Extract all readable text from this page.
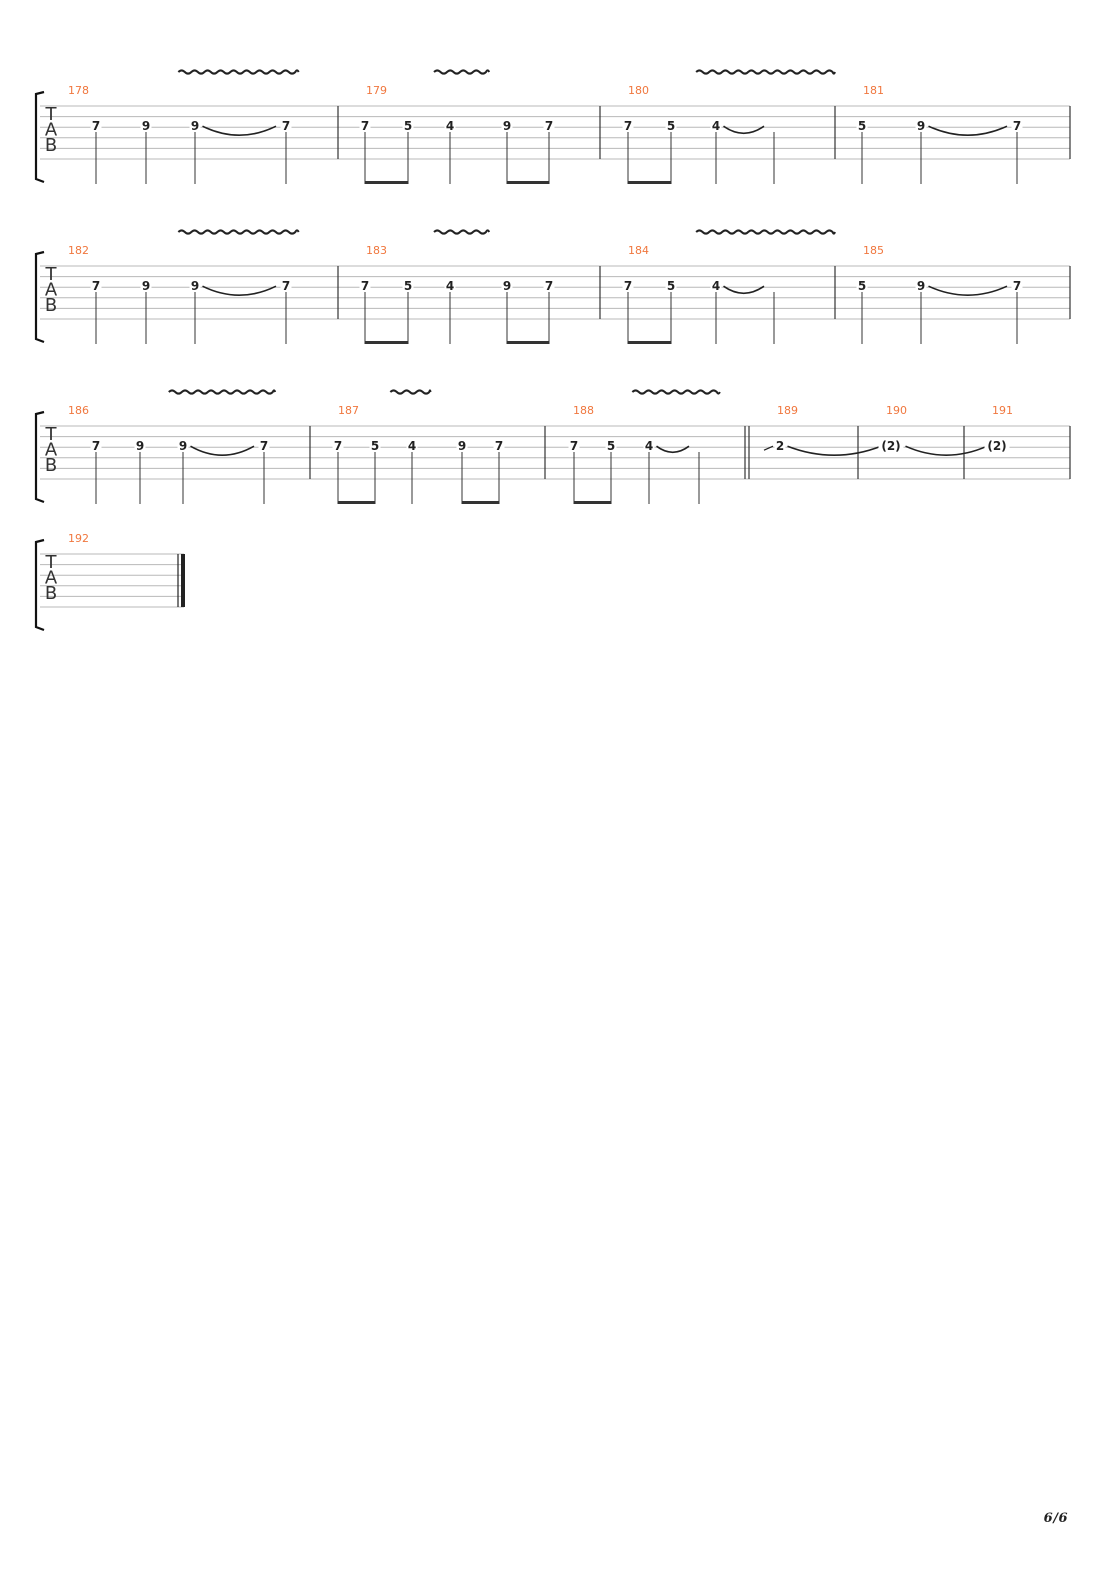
T
A
B
178
7	9	9	7
179
7	5	4	9	7
180
7	5	4
181
5	9	7
T
A
B
182
7	9	9	7
183
7	5	4	9	7
184
7	5	4
185
5	9	7
T
A
B
186
7	9	9	7
187
7 5 4	9 7
188
7 5 4
189
2
190
(2)
191
(2)
T
A
B
192
6/6
